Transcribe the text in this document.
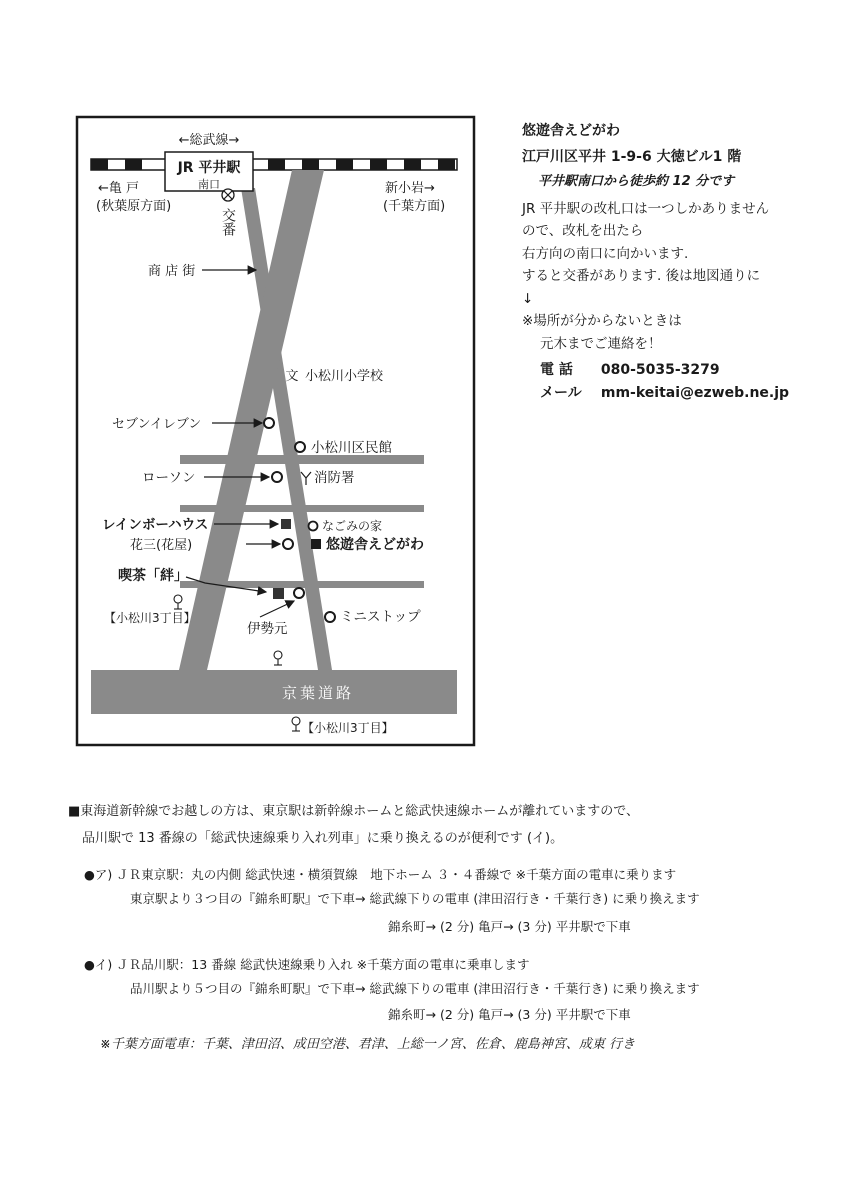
←総武線→
JR 平井駅
南口
交番
←亀 戸
(秋葉原方面)
新小岩→
(千葉方面)
商 店 街
文 小松川小学校
セブンイレブン
小松川区民館
ローソン	消防署
レインボーハウス	なごみの家
花三(花屋)	悠遊舎えどがわ
喫茶「絆」
【小松川3丁目】
伊勢元
ミニストップ
京葉道路
【小松川3丁目】
悠遊舎えどがわ
江戸川区平井 1-9-6 大徳ビル1 階
平井駅南口から徒歩約 12 分です
JR 平井駅の改札口は一つしかありません
ので、改札を出たら
右方向の南口に向かいます.
すると交番があります. 後は地図通りに
↓
※場所が分からないときは
元木までご連絡を！
電 話 080-5035-3279
メール mm-keitai@ezweb.ne.jp
■東海道新幹線でお越しの方は、東京駅は新幹線ホームと総武快速線ホームが離れていますので、
品川駅で 13 番線の「総武快速線乗り入れ列車」に乗り換えるのが便利です (イ)。
●ア) ＪＲ東京駅：丸の内側 総武快速・横須賀線　地下ホーム ３・４番線で ※千葉方面の電車に乗ります
東京駅より３つ目の『錦糸町駅』で下車→ 総武線下りの電車 (津田沼行き・千葉行き) に乗り換えます
錦糸町→ (2 分) 亀戸→ (3 分) 平井駅で下車
●イ) ＪＲ品川駅：13 番線 総武快速線乗り入れ ※千葉方面の電車に乗車します
品川駅より５つ目の『錦糸町駅』で下車→ 総武線下りの電車 (津田沼行き・千葉行き) に乗り換えます
錦糸町→ (2 分) 亀戸→ (3 分) 平井駅で下車
※千葉方面電車：千葉、津田沼、成田空港、君津、上総一ノ宮、佐倉、鹿島神宮、成東 行き
